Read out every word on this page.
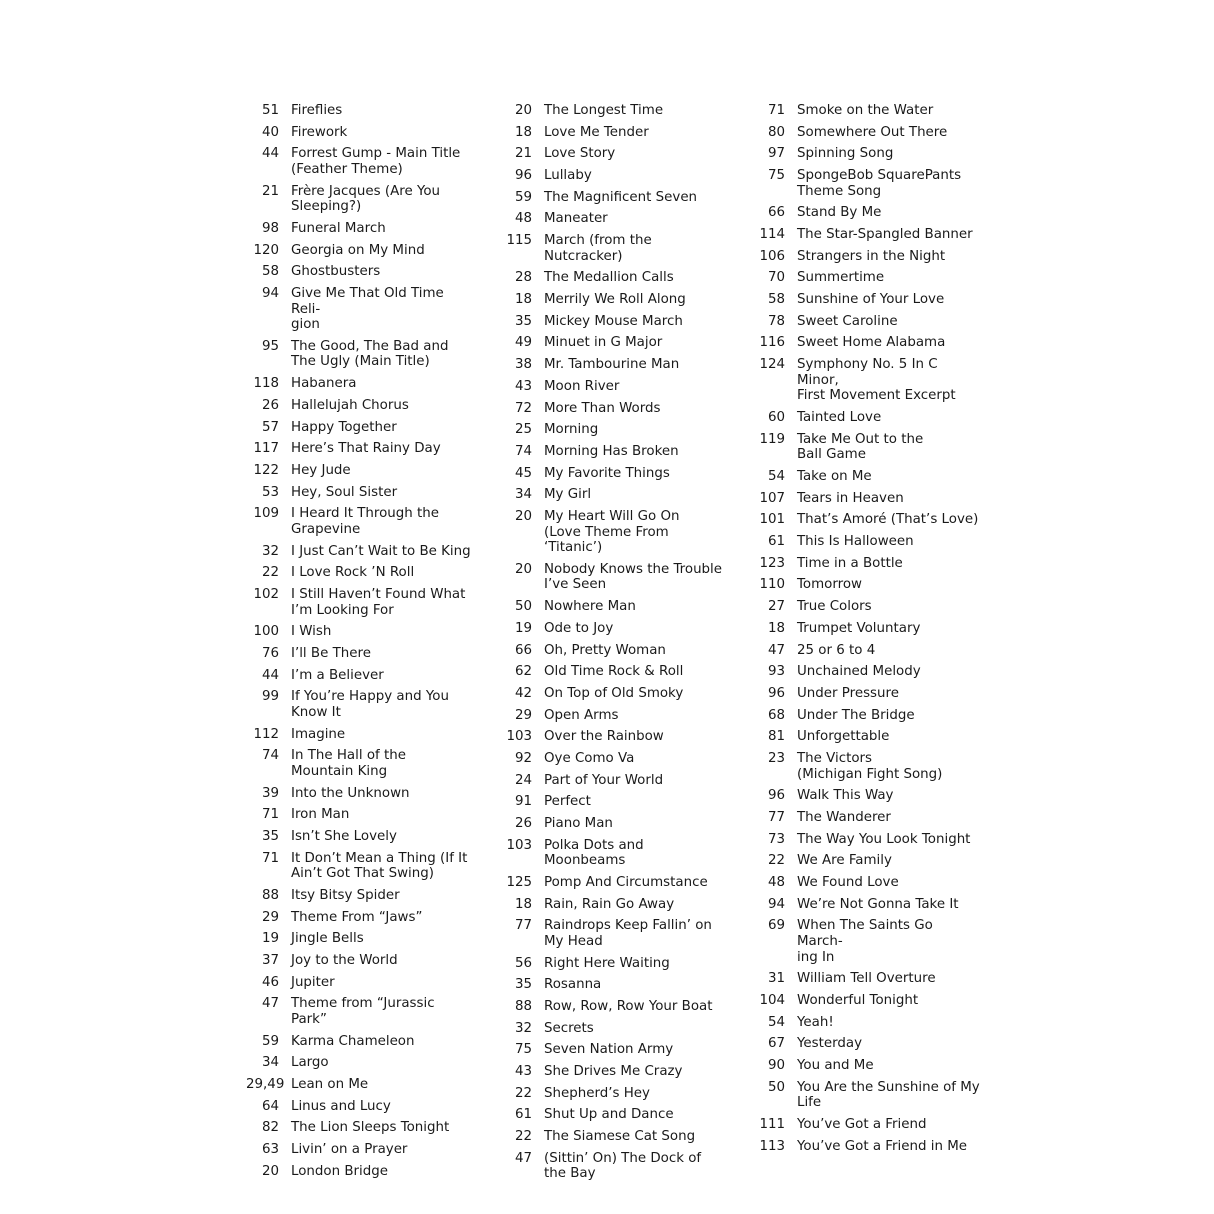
51 Fireflies
40 Firework
44 Forrest Gump - Main Title
(Feather Theme)
21 Frère Jacques (Are You
Sleeping?)
98 Funeral March
120 Georgia on My Mind
58 Ghostbusters
94 Give Me That Old Time Reli-
gion
95 The Good, The Bad and
The Ugly (Main Title)
118 Habanera
26 Hallelujah Chorus
57 Happy Together
117 Here’s That Rainy Day
122 Hey Jude
53 Hey, Soul Sister
109 I Heard It Through the
Grapevine
32 I Just Can’t Wait to Be King
22 I Love Rock ’N Roll
102 I Still Haven’t Found What
I’m Looking For
100 I Wish
76 I’ll Be There
44 I’m a Believer
99 If You’re Happy and You
Know It
112 Imagine
74 In The Hall of the
Mountain King
39 Into the Unknown
71 Iron Man
35 Isn’t She Lovely
71 It Don’t Mean a Thing (If It
Ain’t Got That Swing)
88 Itsy Bitsy Spider
29 Theme From “Jaws”
19 Jingle Bells
37 Joy to the World
46 Jupiter
47 Theme from “Jurassic Park”
59 Karma Chameleon
34 Largo
29,49 Lean on Me
64 Linus and Lucy
82 The Lion Sleeps Tonight
63 Livin’ on a Prayer
20 London Bridge
20 The Longest Time
18 Love Me Tender
21 Love Story
96 Lullaby
59 The Magnificent Seven
48 Maneater
115 March (from the Nutcracker)
28 The Medallion Calls
18 Merrily We Roll Along
35 Mickey Mouse March
49 Minuet in G Major
38 Mr. Tambourine Man
43 Moon River
72 More Than Words
25 Morning
74 Morning Has Broken
45 My Favorite Things
34 My Girl
20 My Heart Will Go On
(Love Theme From ‘Titanic’)
20 Nobody Knows the Trouble
I’ve Seen
50 Nowhere Man
19 Ode to Joy
66 Oh, Pretty Woman
62 Old Time Rock & Roll
42 On Top of Old Smoky
29 Open Arms
103 Over the Rainbow
92 Oye Como Va
24 Part of Your World
91 Perfect
26 Piano Man
103 Polka Dots and Moonbeams
125 Pomp And Circumstance
18 Rain, Rain Go Away
77 Raindrops Keep Fallin’ on
My Head
56 Right Here Waiting
35 Rosanna
88 Row, Row, Row Your Boat
32 Secrets
75 Seven Nation Army
43 She Drives Me Crazy
22 Shepherd’s Hey
61 Shut Up and Dance
22 The Siamese Cat Song
47 (Sittin’ On) The Dock of
the Bay
71 Smoke on the Water
80 Somewhere Out There
97 Spinning Song
75 SpongeBob SquarePants
Theme Song
66 Stand By Me
114 The Star-Spangled Banner
106 Strangers in the Night
70 Summertime
58 Sunshine of Your Love
78 Sweet Caroline
116 Sweet Home Alabama
124 Symphony No. 5 In C Minor,
First Movement Excerpt
60 Tainted Love
119 Take Me Out to the
Ball Game
54 Take on Me
107 Tears in Heaven
101 That’s Amoré (That’s Love)
61 This Is Halloween
123 Time in a Bottle
110 Tomorrow
27 True Colors
18 Trumpet Voluntary
47 25 or 6 to 4
93 Unchained Melody
96 Under Pressure
68 Under The Bridge
81 Unforgettable
23 The Victors
(Michigan Fight Song)
96 Walk This Way
77 The Wanderer
73 The Way You Look Tonight
22 We Are Family
48 We Found Love
94 We’re Not Gonna Take It
69 When The Saints Go March-
ing In
31 William Tell Overture
104 Wonderful Tonight
54 Yeah!
67 Yesterday
90 You and Me
50 You Are the Sunshine of My
Life
111 You’ve Got a Friend
113 You’ve Got a Friend in Me
